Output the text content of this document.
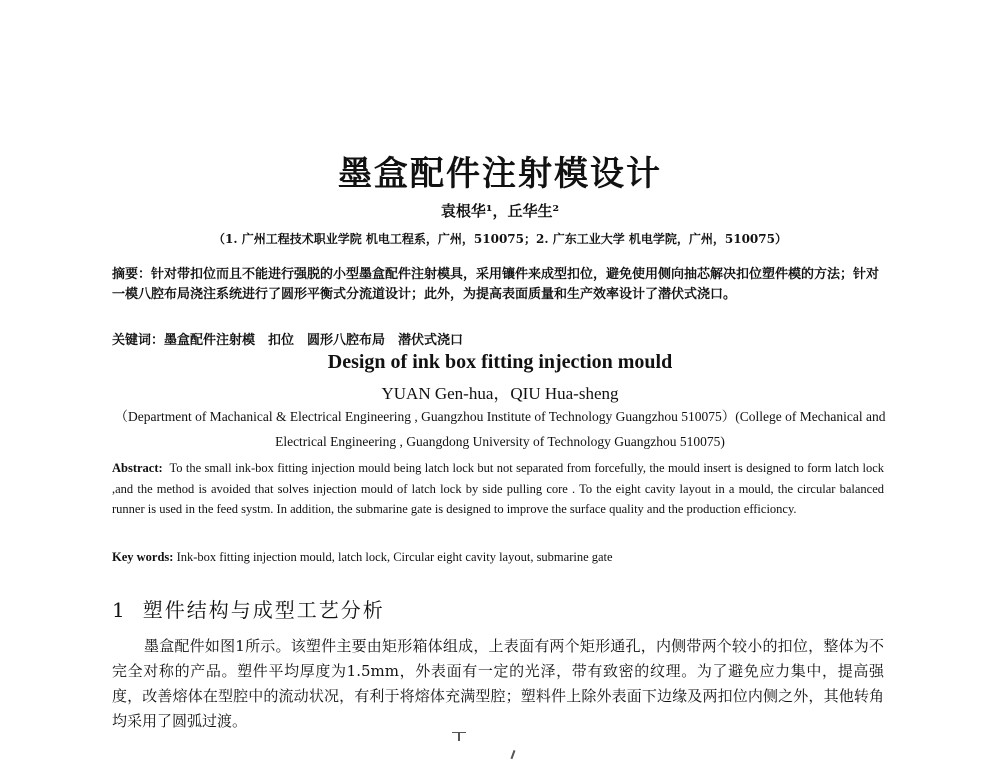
墨盒配件注射模设计
袁根华¹，丘华生²
（1. 广州工程技术职业学院 机电工程系，广州，510075；2. 广东工业大学 机电学院，广州，510075）
摘要：针对带扣位而且不能进行强脱的小型墨盒配件注射模具，采用镶件来成型扣位，避免使用侧向抽芯解决扣位塑件模的方法；针对一模八腔布局浇注系统进行了圆形平衡式分流道设计；此外，为提高表面质量和生产效率设计了潜伏式浇口。
关键词：墨盒配件注射模　扣位　圆形八腔布局　潜伏式浇口
Design of ink box fitting injection mould
YUAN Gen-hua，QIU Hua-sheng
（Department of Machanical & Electrical Engineering , Guangzhou Institute of Technology Guangzhou 510075）(College of Mechanical and Electrical Engineering , Guangdong University of Technology Guangzhou 510075)
Abstract: To the small ink-box fitting injection mould being latch lock but not separated from forcefully, the mould insert is designed to form latch lock ,and the method is avoided that solves injection mould of latch lock by side pulling core . To the eight cavity layout in a mould, the circular balanced runner is used in the feed systm. In addition, the submarine gate is designed to improve the surface quality and the production efficioncy.
Key words: Ink-box fitting injection mould, latch lock, Circular eight cavity layout, submarine gate
1 塑件结构与成型工艺分析
墨盒配件如图1所示。该塑件主要由矩形箱体组成，上表面有两个矩形通孔，内侧带两个较小的扣位，整体为不完全对称的产品。塑件平均厚度为1.5mm，外表面有一定的光泽，带有致密的纹理。为了避免应力集中，提高强度，改善熔体在型腔中的流动状况，有利于将熔体充满型腔；塑料件上除外表面下边缘及两扣位内侧之外，其他转角均采用了圆弧过渡。
